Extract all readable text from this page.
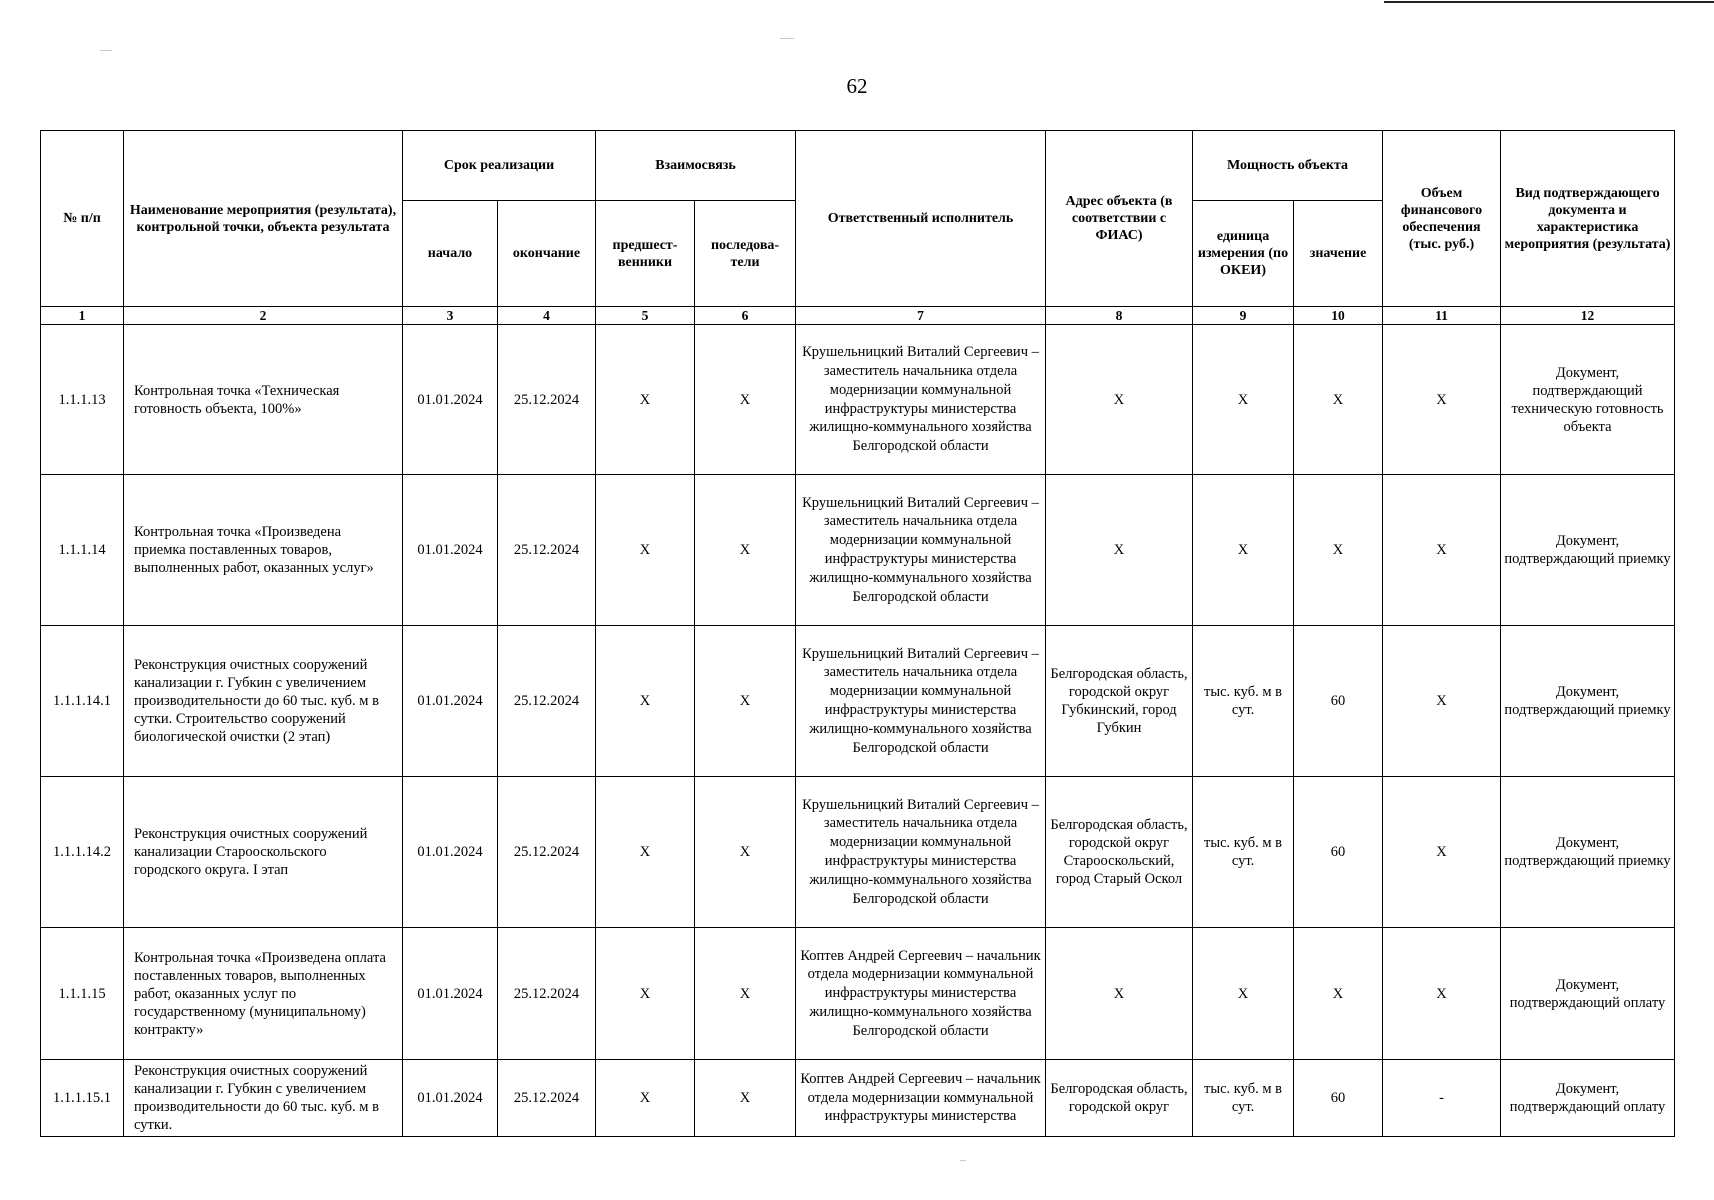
62
№ п/п	Наименование мероприятия (результата), контрольной точки, объекта результата	Срок реализации		Взаимосвязь		Ответственный исполнитель	Адрес объекта (в соответствии с ФИАС)	Мощность объекта		Объем финансового обеспечения (тыс. руб.)	Вид подтверждающего документа и характеристика мероприятия (результата)
		начало	окончание	предшест-венники	последова-тели			единица измерения (по ОКЕИ)	значение		
1	2	3	4	5	6	7	8	9	10	11	12
1.1.1.13	Контрольная точка «Техническая готовность объекта, 100%»	01.01.2024	25.12.2024	X	X	Крушельницкий Виталий Сергеевич – заместитель начальника отдела модернизации коммунальной инфраструктуры министерства жилищно-коммунального хозяйства Белгородской области	X	X	X	X	Документ, подтверждающий техническую готовность объекта
1.1.1.14	Контрольная точка «Произведена приемка поставленных товаров, выполненных работ, оказанных услуг»	01.01.2024	25.12.2024	X	X	Крушельницкий Виталий Сергеевич – заместитель начальника отдела модернизации коммунальной инфраструктуры министерства жилищно-коммунального хозяйства Белгородской области	X	X	X	X	Документ, подтверждающий приемку
1.1.1.14.1	Реконструкция очистных сооружений канализации г. Губкин с увеличением производительности до 60 тыс. куб. м в сутки. Строительство сооружений биологической очистки (2 этап)	01.01.2024	25.12.2024	X	X	Крушельницкий Виталий Сергеевич – заместитель начальника отдела модернизации коммунальной инфраструктуры министерства жилищно-коммунального хозяйства Белгородской области	Белгородская область, городской округ Губкинский, город Губкин	тыс. куб. м в сут.	60	X	Документ, подтверждающий приемку
1.1.1.14.2	Реконструкция очистных сооружений канализации Старооскольского городского округа. I этап	01.01.2024	25.12.2024	X	X	Крушельницкий Виталий Сергеевич – заместитель начальника отдела модернизации коммунальной инфраструктуры министерства жилищно-коммунального хозяйства Белгородской области	Белгородская область, городской округ Старооскольский, город Старый Оскол	тыс. куб. м в сут.	60	X	Документ, подтверждающий приемку
1.1.1.15	Контрольная точка «Произведена оплата поставленных товаров, выполненных работ, оказанных услуг по государственному (муниципальному) контракту»	01.01.2024	25.12.2024	X	X	Коптев Андрей Сергеевич – начальник отдела модернизации коммунальной инфраструктуры министерства жилищно-коммунального хозяйства Белгородской области	X	X	X	X	Документ, подтверждающий оплату
1.1.1.15.1	Реконструкция очистных сооружений канализации г. Губкин с увеличением производительности до 60 тыс. куб. м в сутки.	01.01.2024	25.12.2024	X	X	Коптев Андрей Сергеевич – начальник отдела модернизации коммунальной инфраструктуры министерства	Белгородская область, городской округ	тыс. куб. м в сут.	60	-	Документ, подтверждающий оплату
